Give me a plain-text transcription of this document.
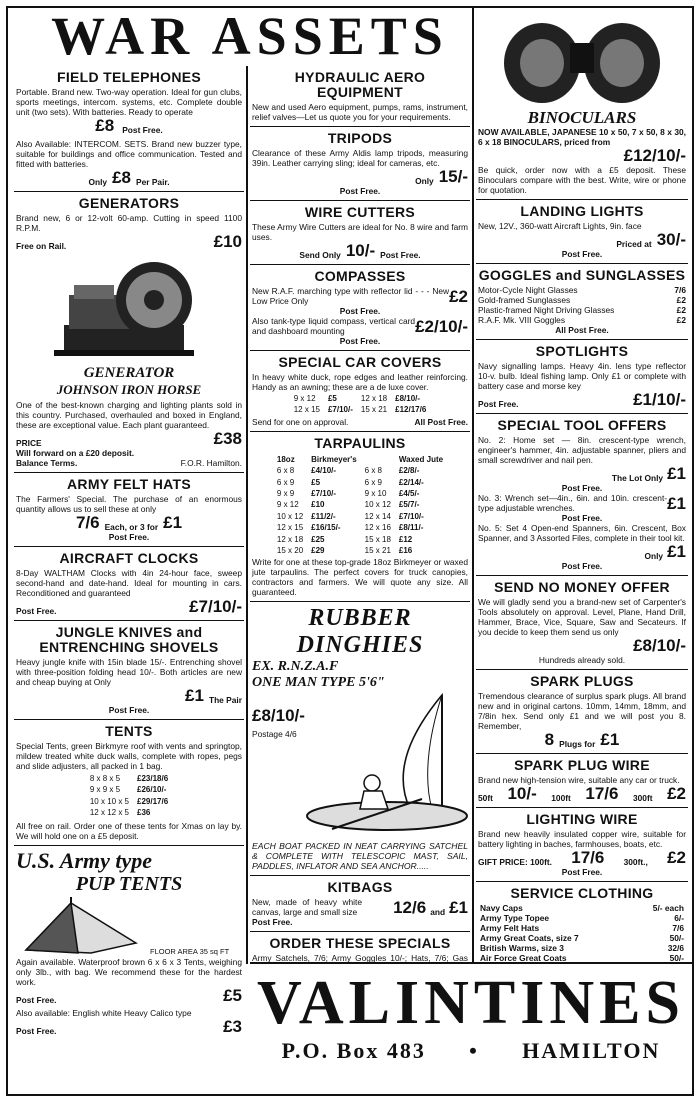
WAR ASSETS
FIELD TELEPHONES
Portable. Brand new. Two-way operation. Ideal for gun clubs, sports meetings, intercom. systems, etc. Complete double unit (two sets). With batteries. Ready to operate
£8 Post Free.
Also Available: INTERCOM. SETS. Brand new buzzer type, suitable for buildings and office communication. Tested and fitted with batteries.
Only £8 Per Pair.
GENERATORS
Brand new, 6 or 12-volt 60-amp. Cutting in speed 1100 R.P.M.
Free on Rail.	£10
GENERATOR
JOHNSON IRON HORSE
One of the best-known charging and lighting plants sold in this country. Purchased, overhauled and boxed in England, these are exceptional value. Each plant guaranteed.
PRICE	£38
Will forward on a £20 deposit.
Balance Terms.	F.O.R. Hamilton.
ARMY FELT HATS
The Farmers' Special. The purchase of an enormous quantity allows us to sell these at only
7/6 Each, or 3 for £1
Post Free.
AIRCRAFT CLOCKS
8-Day WALTHAM Clocks with 4in 24-hour face, sweep second-hand and date-hand. Ideal for mounting in cars. Reconditioned and guaranteed
Post Free.	£7/10/-
JUNGLE KNIVES and ENTRENCHING SHOVELS
Heavy jungle knife with 15in blade 15/-. Entrenching shovel with three-position folding head 10/-. Both articles are new and cheap buying at Only
£1 The Pair
Post Free.
TENTS
Special Tents, green Birkmyre roof with vents and springtop, mildew treated white duck walls, complete with ropes, pegs and slide adjusters, all packed in 1 bag.
8 x 8 x 5	£23/18/6
9 x 9 x 5	£26/10/-
10 x 10 x 5	£29/17/6
12 x 12 x 5	£36
All free on rail. Order one of these tents for Xmas on lay by. We will hold one on a £5 deposit.
U.S. Army type
PUP TENTS
FLOOR AREA 35 sq FT
Again available. Waterproof brown 6 x 6 x 3 Tents, weighing only 3lb., with bag. We recommend these for the hardest work.
Post Free.	£5
Also available: English white Heavy Calico type
Post Free.	£3
HYDRAULIC AERO EQUIPMENT
New and used Aero equipment, pumps, rams, instrument, relief valves—Let us quote you for your requirements.
TRIPODS
Clearance of these Army Aldis lamp tripods, measuring 39in. Leather carrying sling; ideal for cameras, etc.
Only 15/-
Post Free.
WIRE CUTTERS
These Army Wire Cutters are ideal for No. 8 wire and farm uses.
Send Only 10/- Post Free.
COMPASSES
New R.A.F. marching type with reflector lid - - - New Low Price Only	£2
Post Free.
Also tank-type liquid compass, vertical card and dashboard mounting	£2/10/-
Post Free.
SPECIAL CAR COVERS
In heavy white duck, rope edges and leather reinforcing. Handy as an awning; these are a de luxe cover.
9 x 12	£5	12 x 18	£8/10/-
12 x 15	£7/10/-	15 x 21	£12/17/6
Send for one on approval.	All Post Free.
TARPAULINS
18oz	Birkmeyer's		Waxed Jute
6 x 8	£4/10/-	6 x 8	£2/8/-
6 x 9	£5	6 x 9	£2/14/-
9 x 9	£7/10/-	9 x 10	£4/5/-
9 x 12	£10	10 x 12	£5/7/-
10 x 12	£11/2/-	12 x 14	£7/10/-
12 x 15	£16/15/-	12 x 16	£8/11/-
12 x 18	£25	15 x 18	£12
15 x 20	£29	15 x 21	£16
Write for one at these top-grade 18oz Birkmeyer or waxed jute tarpaulins. The perfect covers for truck canopies, contractors and farmers. We will quote any size. All guaranteed.
RUBBER DINGHIES
EX. R.N.Z.A.F
ONE MAN TYPE 5'6"
£8/10/-
Postage 4/6
EACH BOAT PACKED IN NEAT CARRYING SATCHEL & COMPLETE WITH TELESCOPIC MAST, SAIL, PADDLES, INFLATOR AND SEA ANCHOR.....
KITBAGS
New, made of heavy white canvas, large and small size 12/6 and £1
Post Free.
ORDER THESE SPECIALS
Army Satchels, 7/6; Army Goggles 10/-; Hats, 7/6; Gas
BINOCULARS
NOW AVAILABLE, JAPANESE 10 x 50, 7 x 50, 8 x 30, 6 x 18 BINOCULARS, priced from
£12/10/-
Be quick, order now with a £5 deposit. These Binoculars compare with the best. Write, wire or phone for quotation.
LANDING LIGHTS
New, 12V., 360-watt Aircraft Lights, 9in. face
Priced at 30/-
Post Free.
GOGGLES and SUNGLASSES
Motor-Cycle Night Glasses	7/6
Gold-framed Sunglasses	£2
Plastic-framed Night Driving Glasses	£2
R.A.F. Mk. VIII Goggles	£2
All Post Free.
SPOTLIGHTS
Navy signalling lamps. Heavy 4in. lens type reflector 10-v. bulb. Ideal fishing lamp. Only £1 or complete with battery case and morse key
Post Free.	£1/10/-
SPECIAL TOOL OFFERS
No. 2: Home set — 8in. crescent-type wrench, engineer's hammer, 4in. adjustable spanner, pliers and small screwdriver and nail pen.
The Lot Only £1
Post Free.
No. 3: Wrench set—4in., 6in. and 10in. crescent-type adjustable wrenches.	£1
Post Free.
No. 5: Set 4 Open-end Spanners, 6in. Crescent, Box Spanner, and 3 Assorted Files, complete in their tool kit.
Only £1
Post Free.
SEND NO MONEY OFFER
We will gladly send you a brand-new set of Carpenter's Tools absolutely on approval. Level, Plane, Hand Drill, Hammer, Brace, Vice, Square, Saw and Secateurs. If you decide to keep them send us only
£8/10/-
Hundreds already sold.
SPARK PLUGS
Tremendous clearance of surplus spark plugs. All brand new and in original cartons. 10mm, 14mm, 18mm, and 7/8in hex. Send only £1 and we will post you 8. Remember,
8 Plugs for £1
SPARK PLUG WIRE
Brand new high-tension wire, suitable any car or truck.
50ft 10/- 100ft 17/6 300ft £2
LIGHTING WIRE
Brand new heavily insulated copper wire, suitable for battery lighting in baches, farmhouses, boats, etc.
GIFT PRICE: 100ft. 17/6 300ft., £2
Post Free.
SERVICE CLOTHING
Navy Caps	5/- each
Army Type Topee	6/-
Army Felt Hats	7/6
Army Great Coats, size 7	50/-
British Warms, size 3	32/6
Air Force Great Coats	50/-

VALINTINES
P.O. Box 483 • HAMILTON
